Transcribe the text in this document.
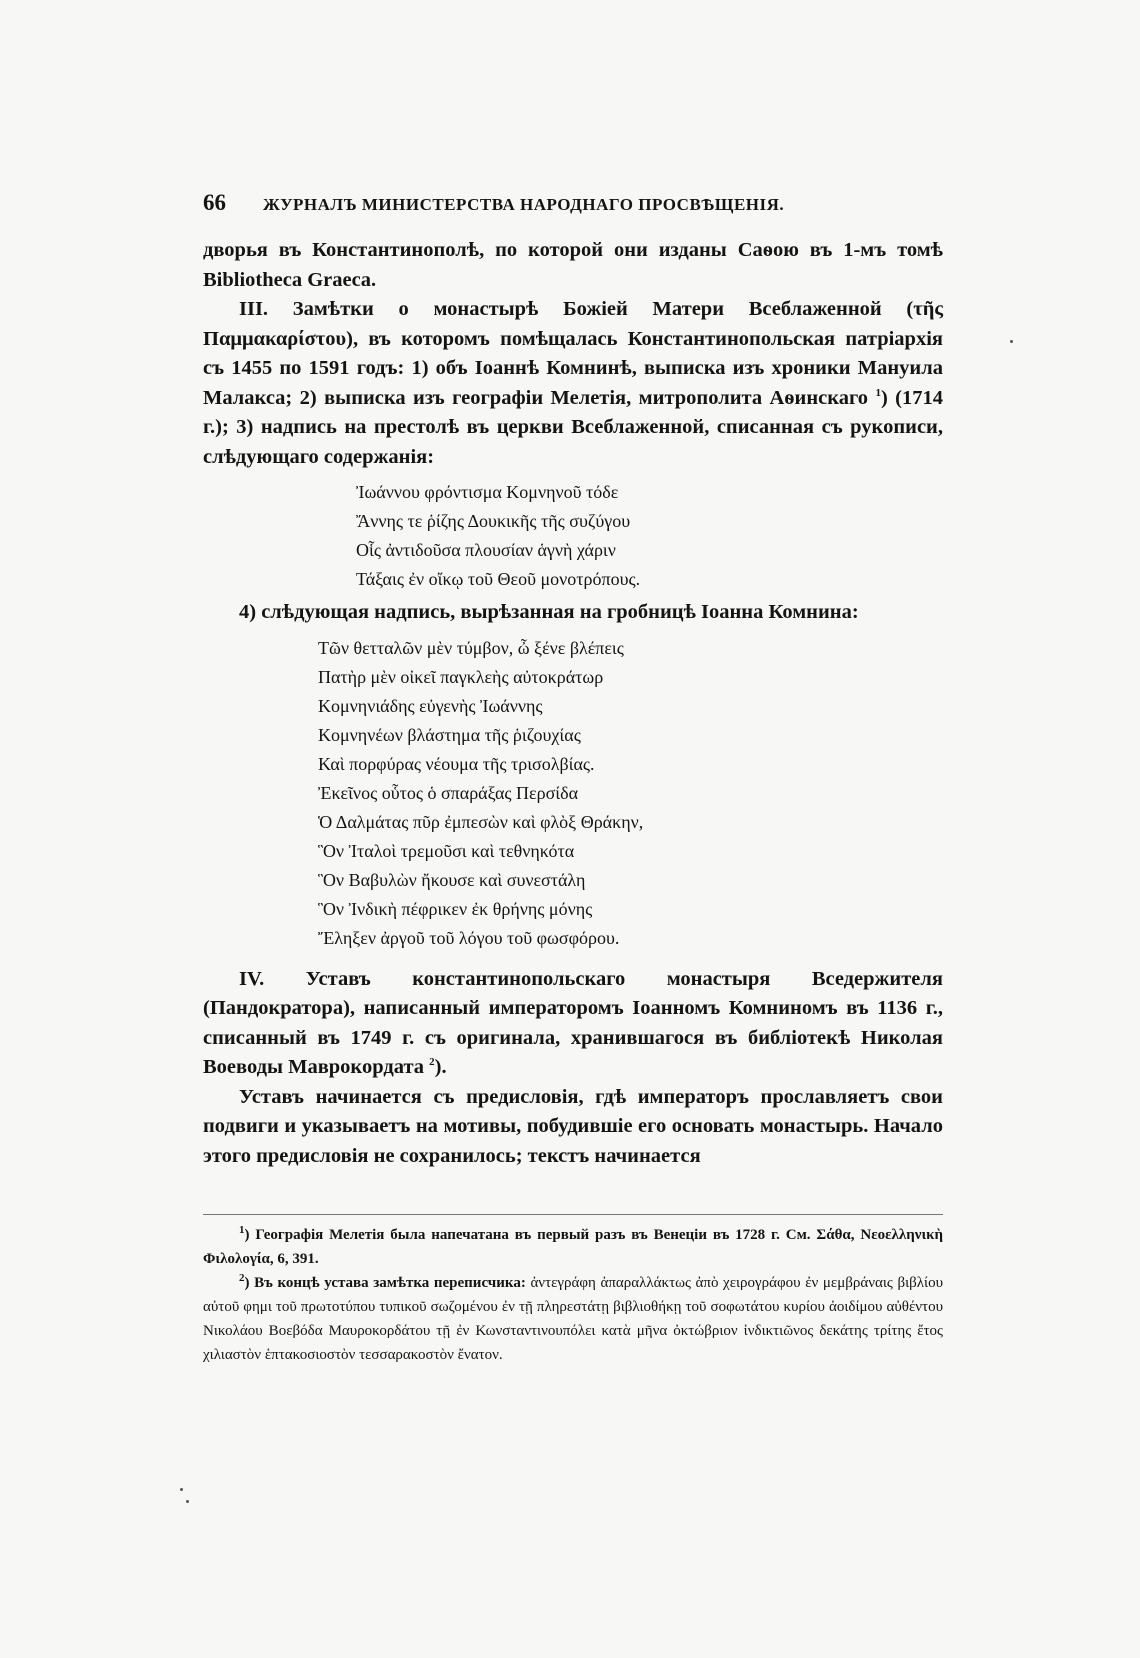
66 ЖУРНАЛЪ МИНИСТЕРСТВА НАРОДНАГО ПРОСВѢЩЕНІЯ.

дворья въ Константинополѣ, по которой они изданы Саѳою въ 1-мъ томѣ Bibliotheca Graeca.

III. Замѣтки о монастырѣ Божіей Матери Всеблаженной (τῆς Παμμακαρίστου), въ которомъ помѣщалась Константинопольская патріархія съ 1455 по 1591 годъ: 1) объ Іоаннѣ Комнинѣ, выписка изъ хроники Мануила Малакса; 2) выписка изъ географіи Мелетія, митрополита Аѳинскаго $^1$) (1714 г.); 3) надпись на престолѣ въ церкви Всеблаженной, списанная съ рукописи, слѣдующаго содержанія:

Ἰωάννου φρόντισμα Κομνηνοῦ τόδε
Ἄννης τε ῥίζης Δουκικῆς τῆς συζύγου
Οἷς ἀντιδοῦσα πλουσίαν ἁγνὴ χάριν
Τάξαις ἐν οἴκῳ τοῦ Θεοῦ μονοτρόπους.

4) слѣдующая надпись, вырѣзанная на гробницѣ Іоанна Комнина:

Τῶν θετταλῶν μὲν τύμβον, ὦ ξένε βλέπεις
Πατὴρ μὲν οἰκεῖ παγκλεὴς αὐτοκράτωρ
Κομνηνιάδης εὐγενὴς Ἰωάννης
Κομνηνέων βλάστημα τῆς ῥιζουχίας
Καὶ πορφύρας νέουμα τῆς τρισολβίας.
Ἐκεῖνος οὗτος ὁ σπαράξας Περσίδα
Ὁ Δαλμάτας πῦρ ἐμπεσὼν καὶ φλὸξ Θράκην,
Ὃν Ἰταλοὶ τρεμοῦσι καὶ τεθνηκότα
Ὃν Βαβυλὼν ἤκουσε καὶ συνεστάλη
Ὃν Ἰνδικὴ πέφρικεν ἐκ θρήνης μόνης
Ἔληξεν ἀργοῦ τοῦ λόγου τοῦ φωσφόρου.

IV. Уставъ константинопольскаго монастыря Вседержителя (Пандократора), написанный императоромъ Іоанномъ Комниномъ въ 1136 г., списанный въ 1749 г. съ оригинала, хранившагося въ библіотекѣ Николая Воеводы Маврокордата $^2$).

Уставъ начинается съ предисловія, гдѣ императоръ прославляетъ свои подвиги и указываетъ на мотивы, побудившіе его основать монастырь. Начало этого предисловія не сохранилось; текстъ начинается

$^1$) Географія Мелетія была напечатана въ первый разъ въ Венеціи въ 1728 г. См. Σάθα, Νεοελληνικὴ Φιλολογία, 6, 391.

$^2$) Въ концѣ устава замѣтка переписчика: ἀντεγράφη ἀπαραλλάκτως ἀπὸ χειρογράφου ἐν μεμβράναις βιβλίου αὐτοῦ φημι τοῦ πρωτοτύπου τυπικοῦ σωζομένου ἐν τῇ πληρεστάτῃ βιβλιοθήκῃ τοῦ σοφωτάτου κυρίου ἀοιδίμου αὐθέντου Νικολάου Βοεβόδα Μαυροκορδάτου τῇ ἐν Κωνσταντινουπόλει κατὰ μῆνα ὀκτώβριον ἰνδικτιῶνος δεκάτης τρίτης ἔτος χιλιαστὸν ἑπτακοσιοστὸν τεσσαρακοστὸν ἔνατον.
